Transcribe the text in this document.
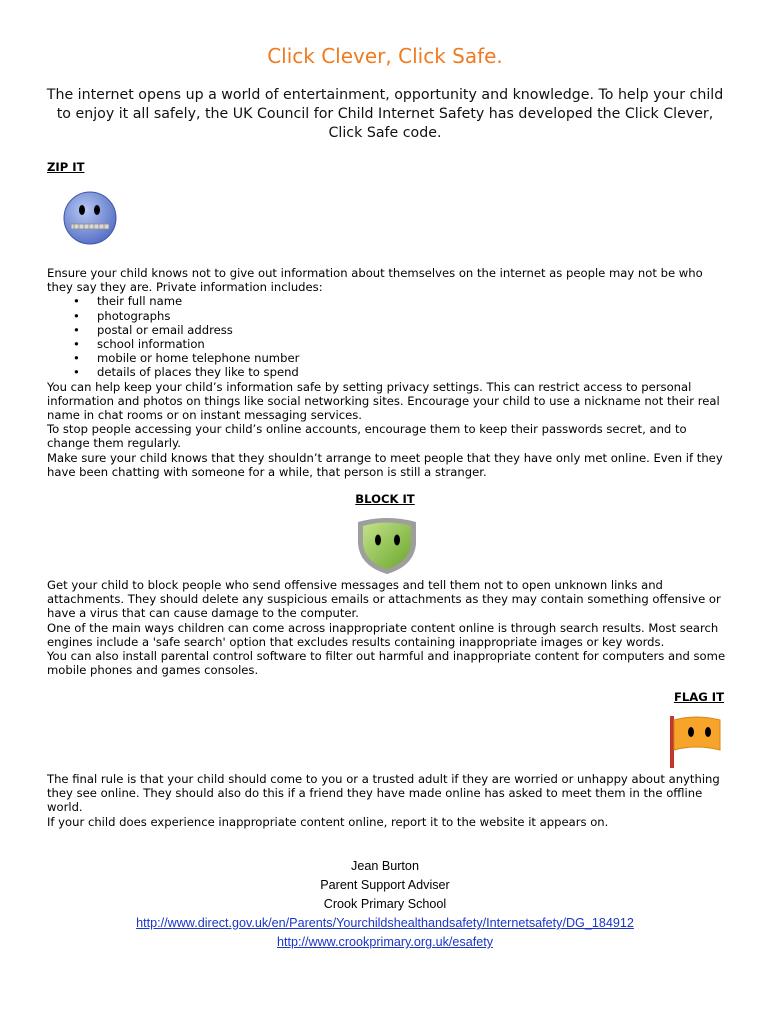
Click Clever, Click Safe.
The internet opens up a world of entertainment, opportunity and knowledge. To help your child to enjoy it all safely, the UK Council for Child Internet Safety has developed the Click Clever, Click Safe code.
ZIP IT

Ensure your child knows not to give out information about themselves on the internet as people may not be who they say they are. Private information includes:

• their full name
• photographs
• postal or email address
• school information
• mobile or home telephone number
• details of places they like to spend

You can help keep your child’s information safe by setting privacy settings. This can restrict access to personal information and photos on things like social networking sites. Encourage your child to use a nickname not their real name in chat rooms or on instant messaging services.

To stop people accessing your child’s online accounts, encourage them to keep their passwords secret, and to change them regularly.

Make sure your child knows that they shouldn’t arrange to meet people that they have only met online. Even if they have been chatting with someone for a while, that person is still a stranger.

BLOCK IT

Get your child to block people who send offensive messages and tell them not to open unknown links and attachments. They should delete any suspicious emails or attachments as they may contain something offensive or have a virus that can cause damage to the computer.

One of the main ways children can come across inappropriate content online is through search results. Most search engines include a 'safe search' option that excludes results containing inappropriate images or key words.

You can also install parental control software to filter out harmful and inappropriate content for computers and some mobile phones and games consoles.

FLAG IT

The final rule is that your child should come to you or a trusted adult if they are worried or unhappy about anything they see online. They should also do this if a friend they have made online has asked to meet them in the offline world.

If your child does experience inappropriate content online, report it to the website it appears on.

Jean Burton
Parent Support Adviser
Crook Primary School
http://www.direct.gov.uk/en/Parents/Yourchildshealthandsafety/Internetsafety/DG_184912
http://www.crookprimary.org.uk/esafety
